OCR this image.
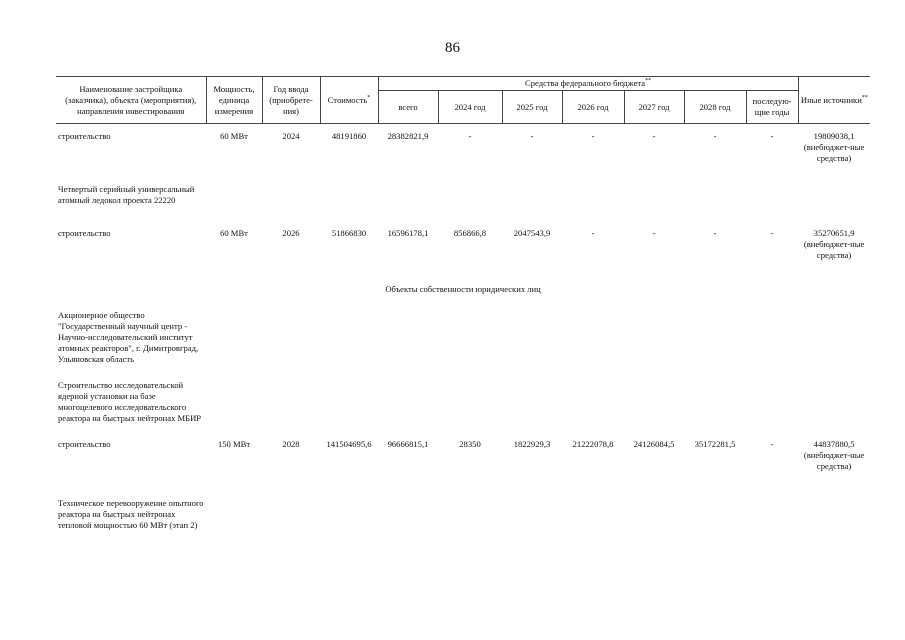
86
Наименование застройщика (заказчика), объекта (мероприятия), направления инвестирования	Мощность, единица измерения	Год ввода (приобрете-ния)	Стоимость*	Средства федерального бюджета**							Иные источники**
				всего	2024 год	2025 год	2026 год	2027 год	2028 год	последую-щие годы	
строительство	60 МВт	2024	48191860	28382821,9	-	-	-	-	-	-	19809038,1
(внебюджет-ные средства)

Четвертый серийный универсальный атомный ледокол проекта 22220											
строительство	60 МВт	2026	51866830	16596178,1	856866,8	2047543,9	-	-	-	-	35270651,9
(внебюджет-ные средства)

Объекты собственности юридических лиц											
Акционерное общество "Государственный научный центр - Научно-исследовательский институт атомных реакторов", г. Димитровград, Ульяновская область											
Строительство исследовательской ядерной установки на базе многоцелевого исследовательского реактора на быстрых нейтронах МБИР											
строительство	150 МВт	2028	141504695,6	96666815,1	28350	1822929,3	21222078,8	24126084,5	35172281,5	-	44837880,5
(внебюджет-ные средства)

Техническое перевооружение опытного реактора на быстрых нейтронах тепловой мощностью 60 МВт (этап 2)											
